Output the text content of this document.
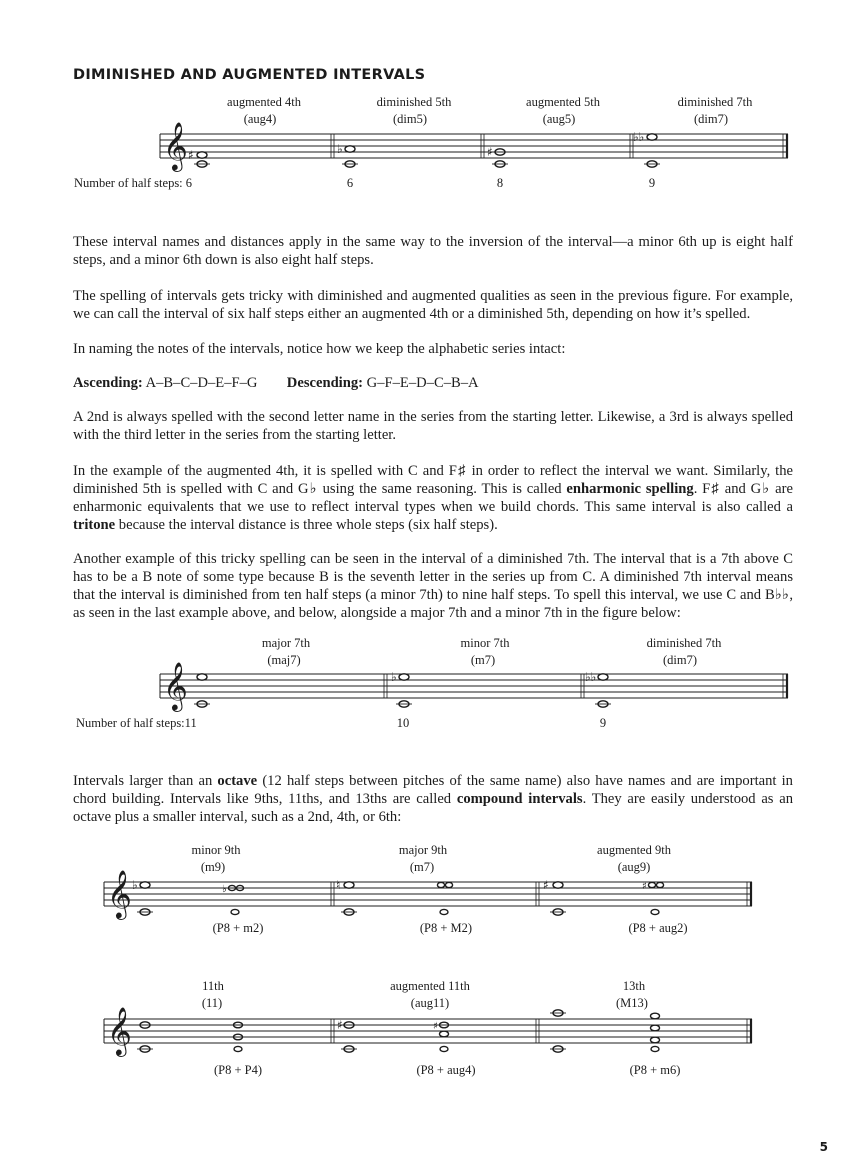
DIMINISHED AND AUGMENTED INTERVALS
augmented 4th
(aug4)
diminished 5th
(dim5)
augmented 5th
(aug5)
diminished 7th
(dim7)
𝄞 ♯	♭	♯
♭♭
Number of half steps: 6	6	8	9

These interval names and distances apply in the same way to the inversion of the interval—a minor 6th up is eight half steps, and a minor 6th down is also eight half steps.

The spelling of intervals gets tricky with diminished and augmented qualities as seen in the previous figure. For example, we can call the interval of six half steps either an augmented 4th or a diminished 5th, depending on how it’s spelled.

In naming the notes of the intervals, notice how we keep the alphabetic series intact:

Ascending: A–B–C–D–E–F–G Descending: G–F–E–D–C–B–A

A 2nd is always spelled with the second letter name in the series from the starting letter. Likewise, a 3rd is always spelled with the third letter in the series from the starting letter.

In the example of the augmented 4th, it is spelled with C and F♯ in order to reflect the interval we want. Similarly, the diminished 5th is spelled with C and G♭ using the same reasoning. This is called enharmonic spelling. F♯ and G♭ are enharmonic equivalents that we use to reflect interval types when we build chords. This same interval is also called a tritone because the interval distance is three whole steps (six half steps).

Another example of this tricky spelling can be seen in the interval of a diminished 7th. The interval that is a 7th above C has to be a B note of some type because B is the seventh letter in the series up from C. A diminished 7th interval means that the interval is diminished from ten half steps (a minor 7th) to nine half steps. To spell this interval, we use C and B♭♭, as seen in the last example above, and below, alongside a major 7th and a minor 7th in the figure below:

major 7th
(maj7)
minor 7th
(m7)
diminished 7th
(dim7)
𝄞	♭	♭♭
Number of half steps:11	10	9

Intervals larger than an octave (12 half steps between pitches of the same name) also have names and are important in chord building. Intervals like 9ths, 11ths, and 13ths are called compound intervals. They are easily understood as an octave plus a smaller interval, such as a 2nd, 4th, or 6th:

minor 9th
(m9)
major 9th
(m7)
augmented 9th
(aug9)
𝄞 ♭	♭	♮	♯	♯
(P8 + m2)	(P8 + M2)	(P8 + aug2)
11th
(11)
augmented 11th
(aug11)
13th
(M13)
𝄞	♯	♯
(P8 + P4)	(P8 + aug4)	(P8 + m6)
5
